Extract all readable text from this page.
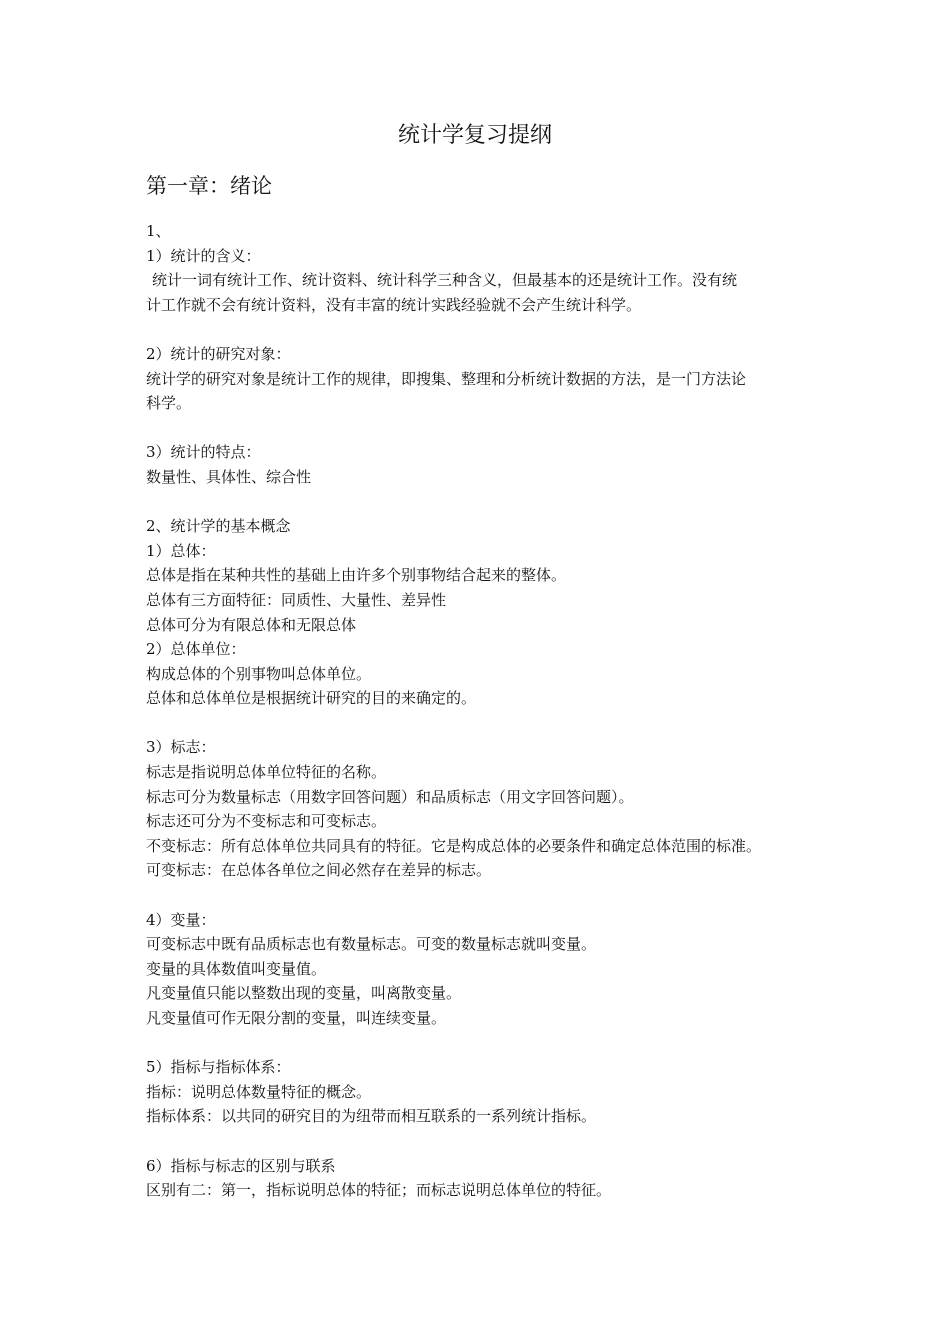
统计学复习提纲
第一章：绪论
1、
1）统计的含义：
统计一词有统计工作、统计资料、统计科学三种含义，但最基本的还是统计工作。没有统
计工作就不会有统计资料，没有丰富的统计实践经验就不会产生统计科学。
2）统计的研究对象：
统计学的研究对象是统计工作的规律，即搜集、整理和分析统计数据的方法，是一门方法论
科学。
3）统计的特点：
数量性、具体性、综合性
2、统计学的基本概念
1）总体：
总体是指在某种共性的基础上由许多个别事物结合起来的整体。
总体有三方面特征：同质性、大量性、差异性
总体可分为有限总体和无限总体
2）总体单位：
构成总体的个别事物叫总体单位。
总体和总体单位是根据统计研究的目的来确定的。
3）标志：
标志是指说明总体单位特征的名称。
标志可分为数量标志（用数字回答问题）和品质标志（用文字回答问题）。
标志还可分为不变标志和可变标志。
不变标志：所有总体单位共同具有的特征。它是构成总体的必要条件和确定总体范围的标准。
可变标志：在总体各单位之间必然存在差异的标志。
4）变量：
可变标志中既有品质标志也有数量标志。可变的数量标志就叫变量。
变量的具体数值叫变量值。
凡变量值只能以整数出现的变量，叫离散变量。
凡变量值可作无限分割的变量，叫连续变量。
5）指标与指标体系：
指标：说明总体数量特征的概念。
指标体系：以共同的研究目的为纽带而相互联系的一系列统计指标。
6）指标与标志的区别与联系
区别有二：第一，指标说明总体的特征；而标志说明总体单位的特征。
